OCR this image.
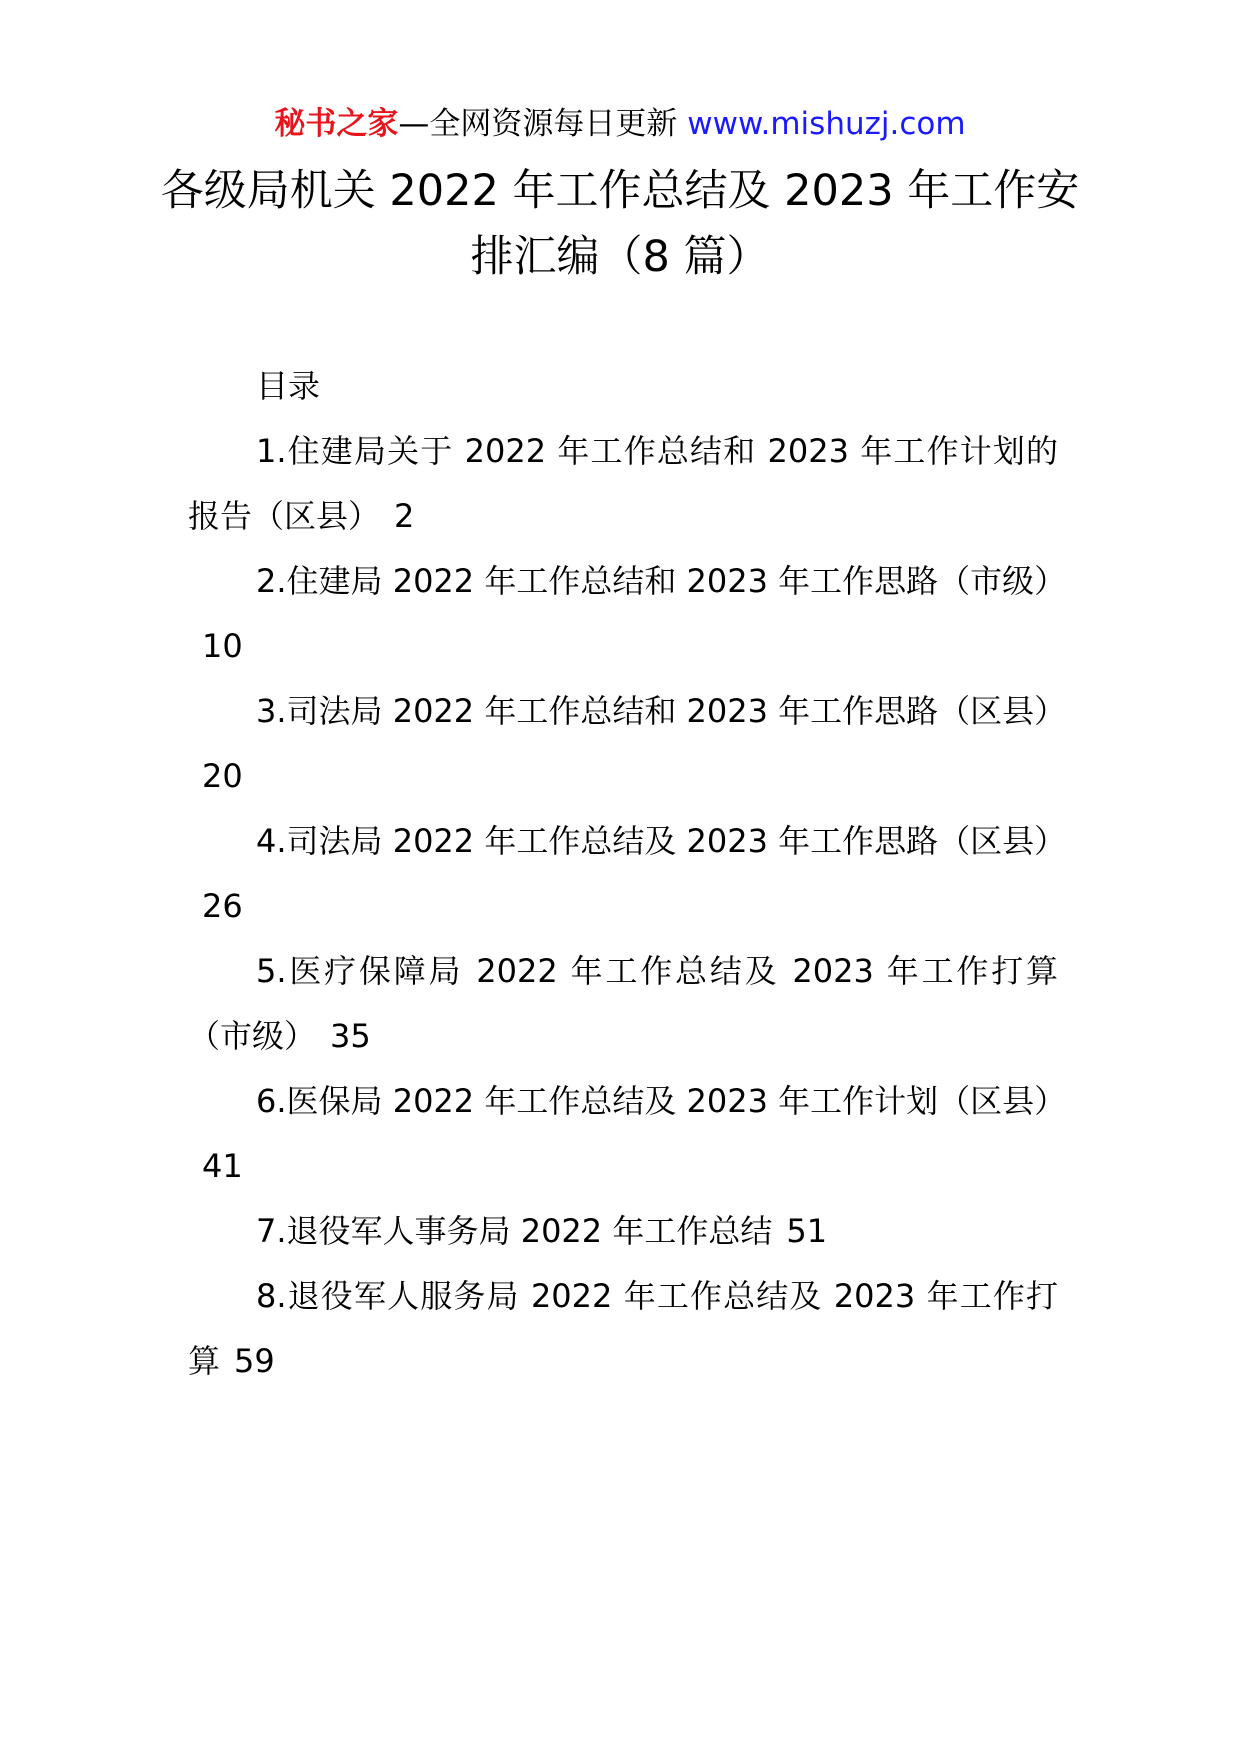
秘书之家—全网资源每日更新 www.mishuzj.com
各级局机关 2022 年工作总结及 2023 年工作安排汇编（8 篇）

目录

1.住建局关于 2022 年工作总结和 2023 年工作计划的报告（区县） 2
2.住建局 2022 年工作总结和 2023 年工作思路（市级）10
3.司法局 2022 年工作总结和 2023 年工作思路（区县）20
4.司法局 2022 年工作总结及 2023 年工作思路（区县）26
5.医疗保障局 2022 年工作总结及 2023 年工作打算（市级） 35
6.医保局 2022 年工作总结及 2023 年工作计划（区县）41
7.退役军人事务局 2022 年工作总结 51
8.退役军人服务局 2022 年工作总结及 2023 年工作打算 59
